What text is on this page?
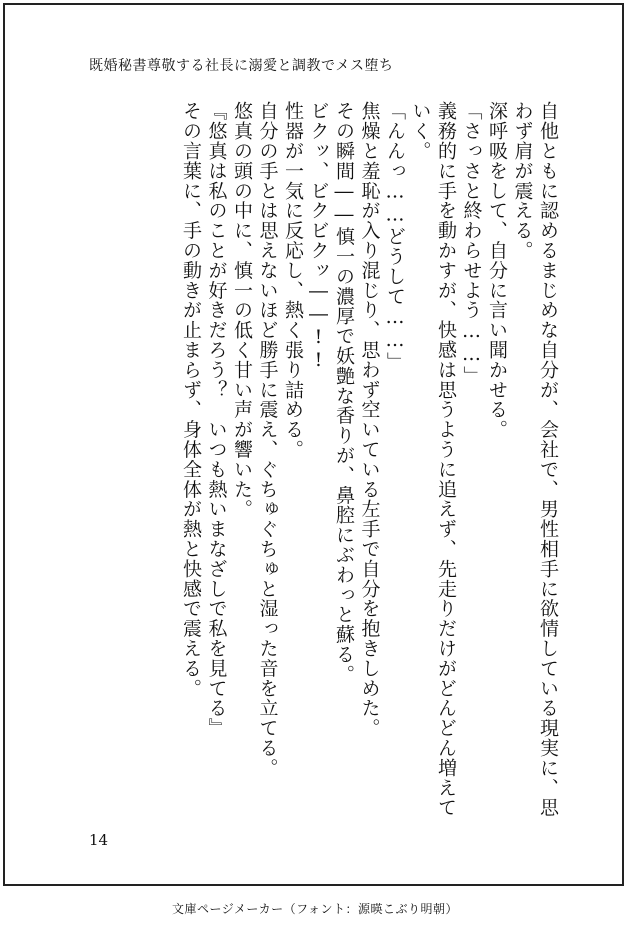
既婚秘書尊敬する社長に溺愛と調教でメス堕ち

自他ともに認めるまじめな自分が、会社で、男性相手に欲情している現実に、思わず肩が震える。

深呼吸をして、自分に言い聞かせる。

「さっさと終わらせよう……」

義務的に手を動かすが、快感は思うように追えず、先走りだけがどんどん増えていく。

「んんっ……どうして……」

焦燥と羞恥が入り混じり、思わず空いている左手で自分を抱きしめた。

その瞬間――慎一の濃厚で妖艶な香りが、鼻腔にぶわっと蘇る。

ビクッ、ビクビクッ――!!

性器が一気に反応し、熱く張り詰める。

自分の手とは思えないほど勝手に震え、ぐちゅぐちゅと湿った音を立てる。

悠真の頭の中に、慎一の低く甘い声が響いた。

『悠真は私のことが好きだろう？　いつも熱いまなざしで私を見てる』

その言葉に、手の動きが止まらず、身体全体が熱と快感で震える。

14
文庫ページメーカー（フォント：源暎こぶり明朝）
